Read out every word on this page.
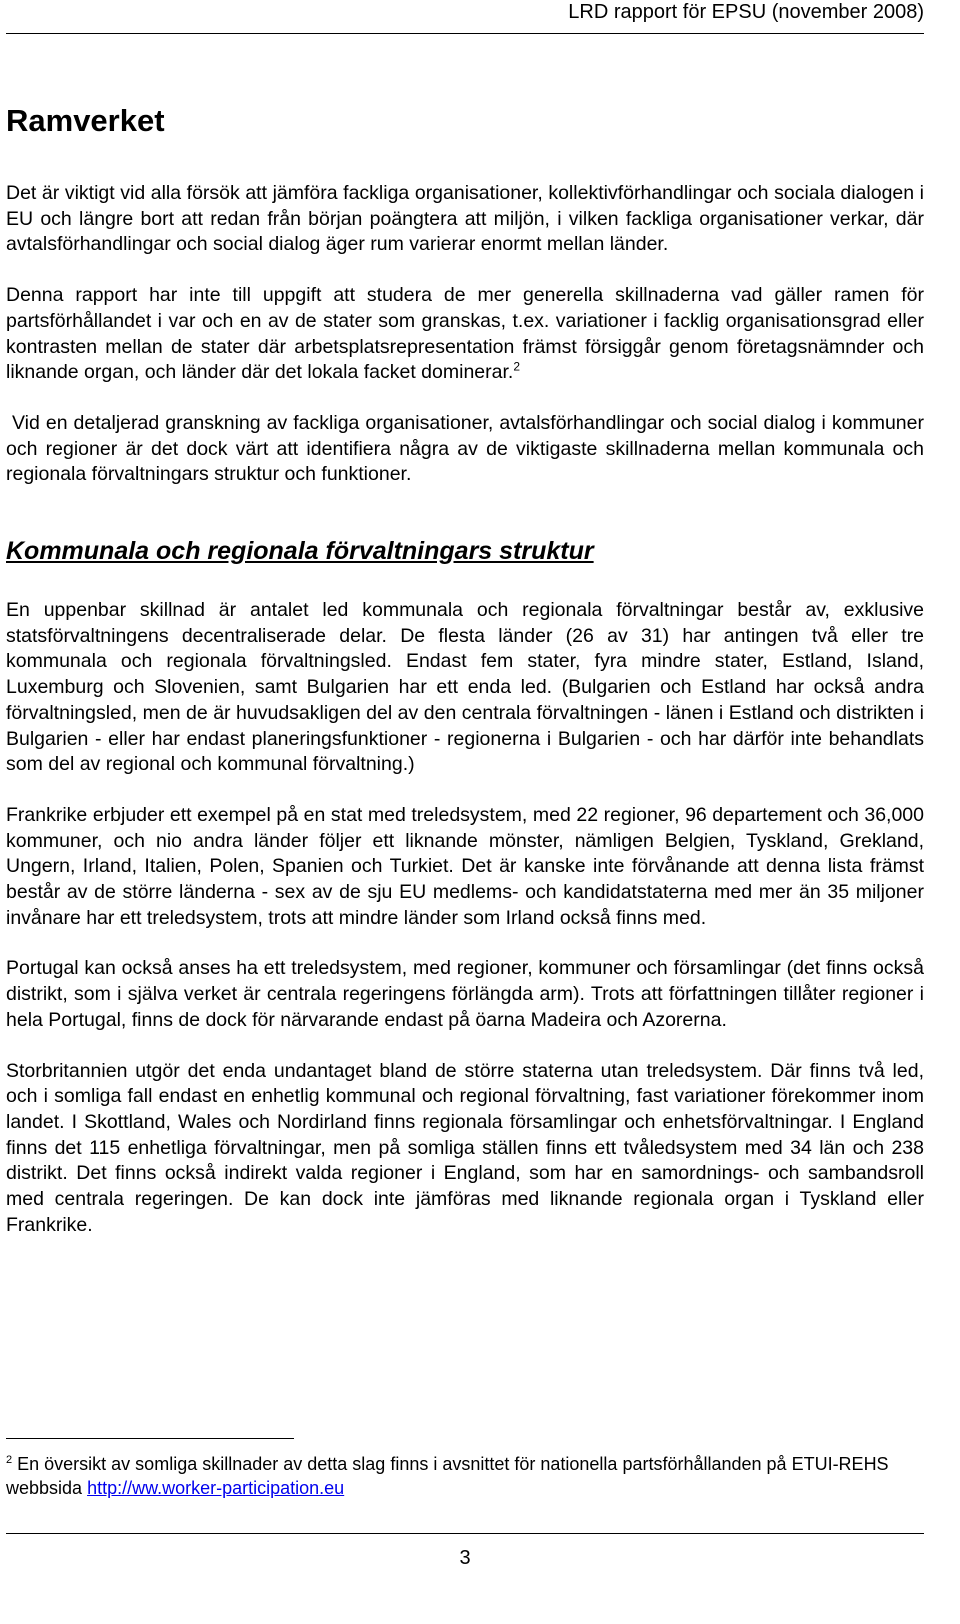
LRD rapport för EPSU (november 2008)
Ramverket

Det är viktigt vid alla försök att jämföra fackliga organisationer, kollektivförhandlingar och sociala dialogen i EU och längre bort att redan från början poängtera att miljön, i vilken fackliga organisationer verkar, där avtalsförhandlingar och social dialog äger rum varierar enormt mellan länder.

Denna rapport har inte till uppgift att studera de mer generella skillnaderna vad gäller ramen för partsförhållandet i var och en av de stater som granskas, t.ex. variationer i facklig organisationsgrad eller kontrasten mellan de stater där arbetsplatsrepresentation främst försiggår genom företagsnämnder och liknande organ, och länder där det lokala facket dominerar.$^2$

Vid en detaljerad granskning av fackliga organisationer, avtalsförhandlingar och social dialog i kommuner och regioner är det dock värt att identifiera några av de viktigaste skillnaderna mellan kommunala och regionala förvaltningars struktur och funktioner.

Kommunala och regionala förvaltningars struktur

En uppenbar skillnad är antalet led kommunala och regionala förvaltningar består av, exklusive statsförvaltningens decentraliserade delar. De flesta länder (26 av 31) har antingen två eller tre kommunala och regionala förvaltningsled. Endast fem stater, fyra mindre stater, Estland, Island, Luxemburg och Slovenien, samt Bulgarien har ett enda led. (Bulgarien och Estland har också andra förvaltningsled, men de är huvudsakligen del av den centrala förvaltningen - länen i Estland och distrikten i Bulgarien - eller har endast planeringsfunktioner - regionerna i Bulgarien - och har därför inte behandlats som del av regional och kommunal förvaltning.)

Frankrike erbjuder ett exempel på en stat med treledsystem, med 22 regioner, 96 departement och 36,000 kommuner, och nio andra länder följer ett liknande mönster, nämligen Belgien, Tyskland, Grekland, Ungern, Irland, Italien, Polen, Spanien och Turkiet. Det är kanske inte förvånande att denna lista främst består av de större länderna - sex av de sju EU medlems- och kandidatstaterna med mer än 35 miljoner invånare har ett treledsystem, trots att mindre länder som Irland också finns med.

Portugal kan också anses ha ett treledsystem, med regioner, kommuner och församlingar (det finns också distrikt, som i själva verket är centrala regeringens förlängda arm). Trots att författningen tillåter regioner i hela Portugal, finns de dock för närvarande endast på öarna Madeira och Azorerna.

Storbritannien utgör det enda undantaget bland de större staterna utan treledsystem. Där finns två led, och i somliga fall endast en enhetlig kommunal och regional förvaltning, fast variationer förekommer inom landet. I Skottland, Wales och Nordirland finns regionala församlingar och enhetsförvaltningar. I England finns det 115 enhetliga förvaltningar, men på somliga ställen finns ett tvåledsystem med 34 län och 238 distrikt. Det finns också indirekt valda regioner i England, som har en samordnings- och sambandsroll med centrala regeringen. De kan dock inte jämföras med liknande regionala organ i Tyskland eller Frankrike.

$^2$ En översikt av somliga skillnader av detta slag finns i avsnittet för nationella partsförhållanden på ETUI-REHS webbsida http://ww.worker-participation.eu
3
